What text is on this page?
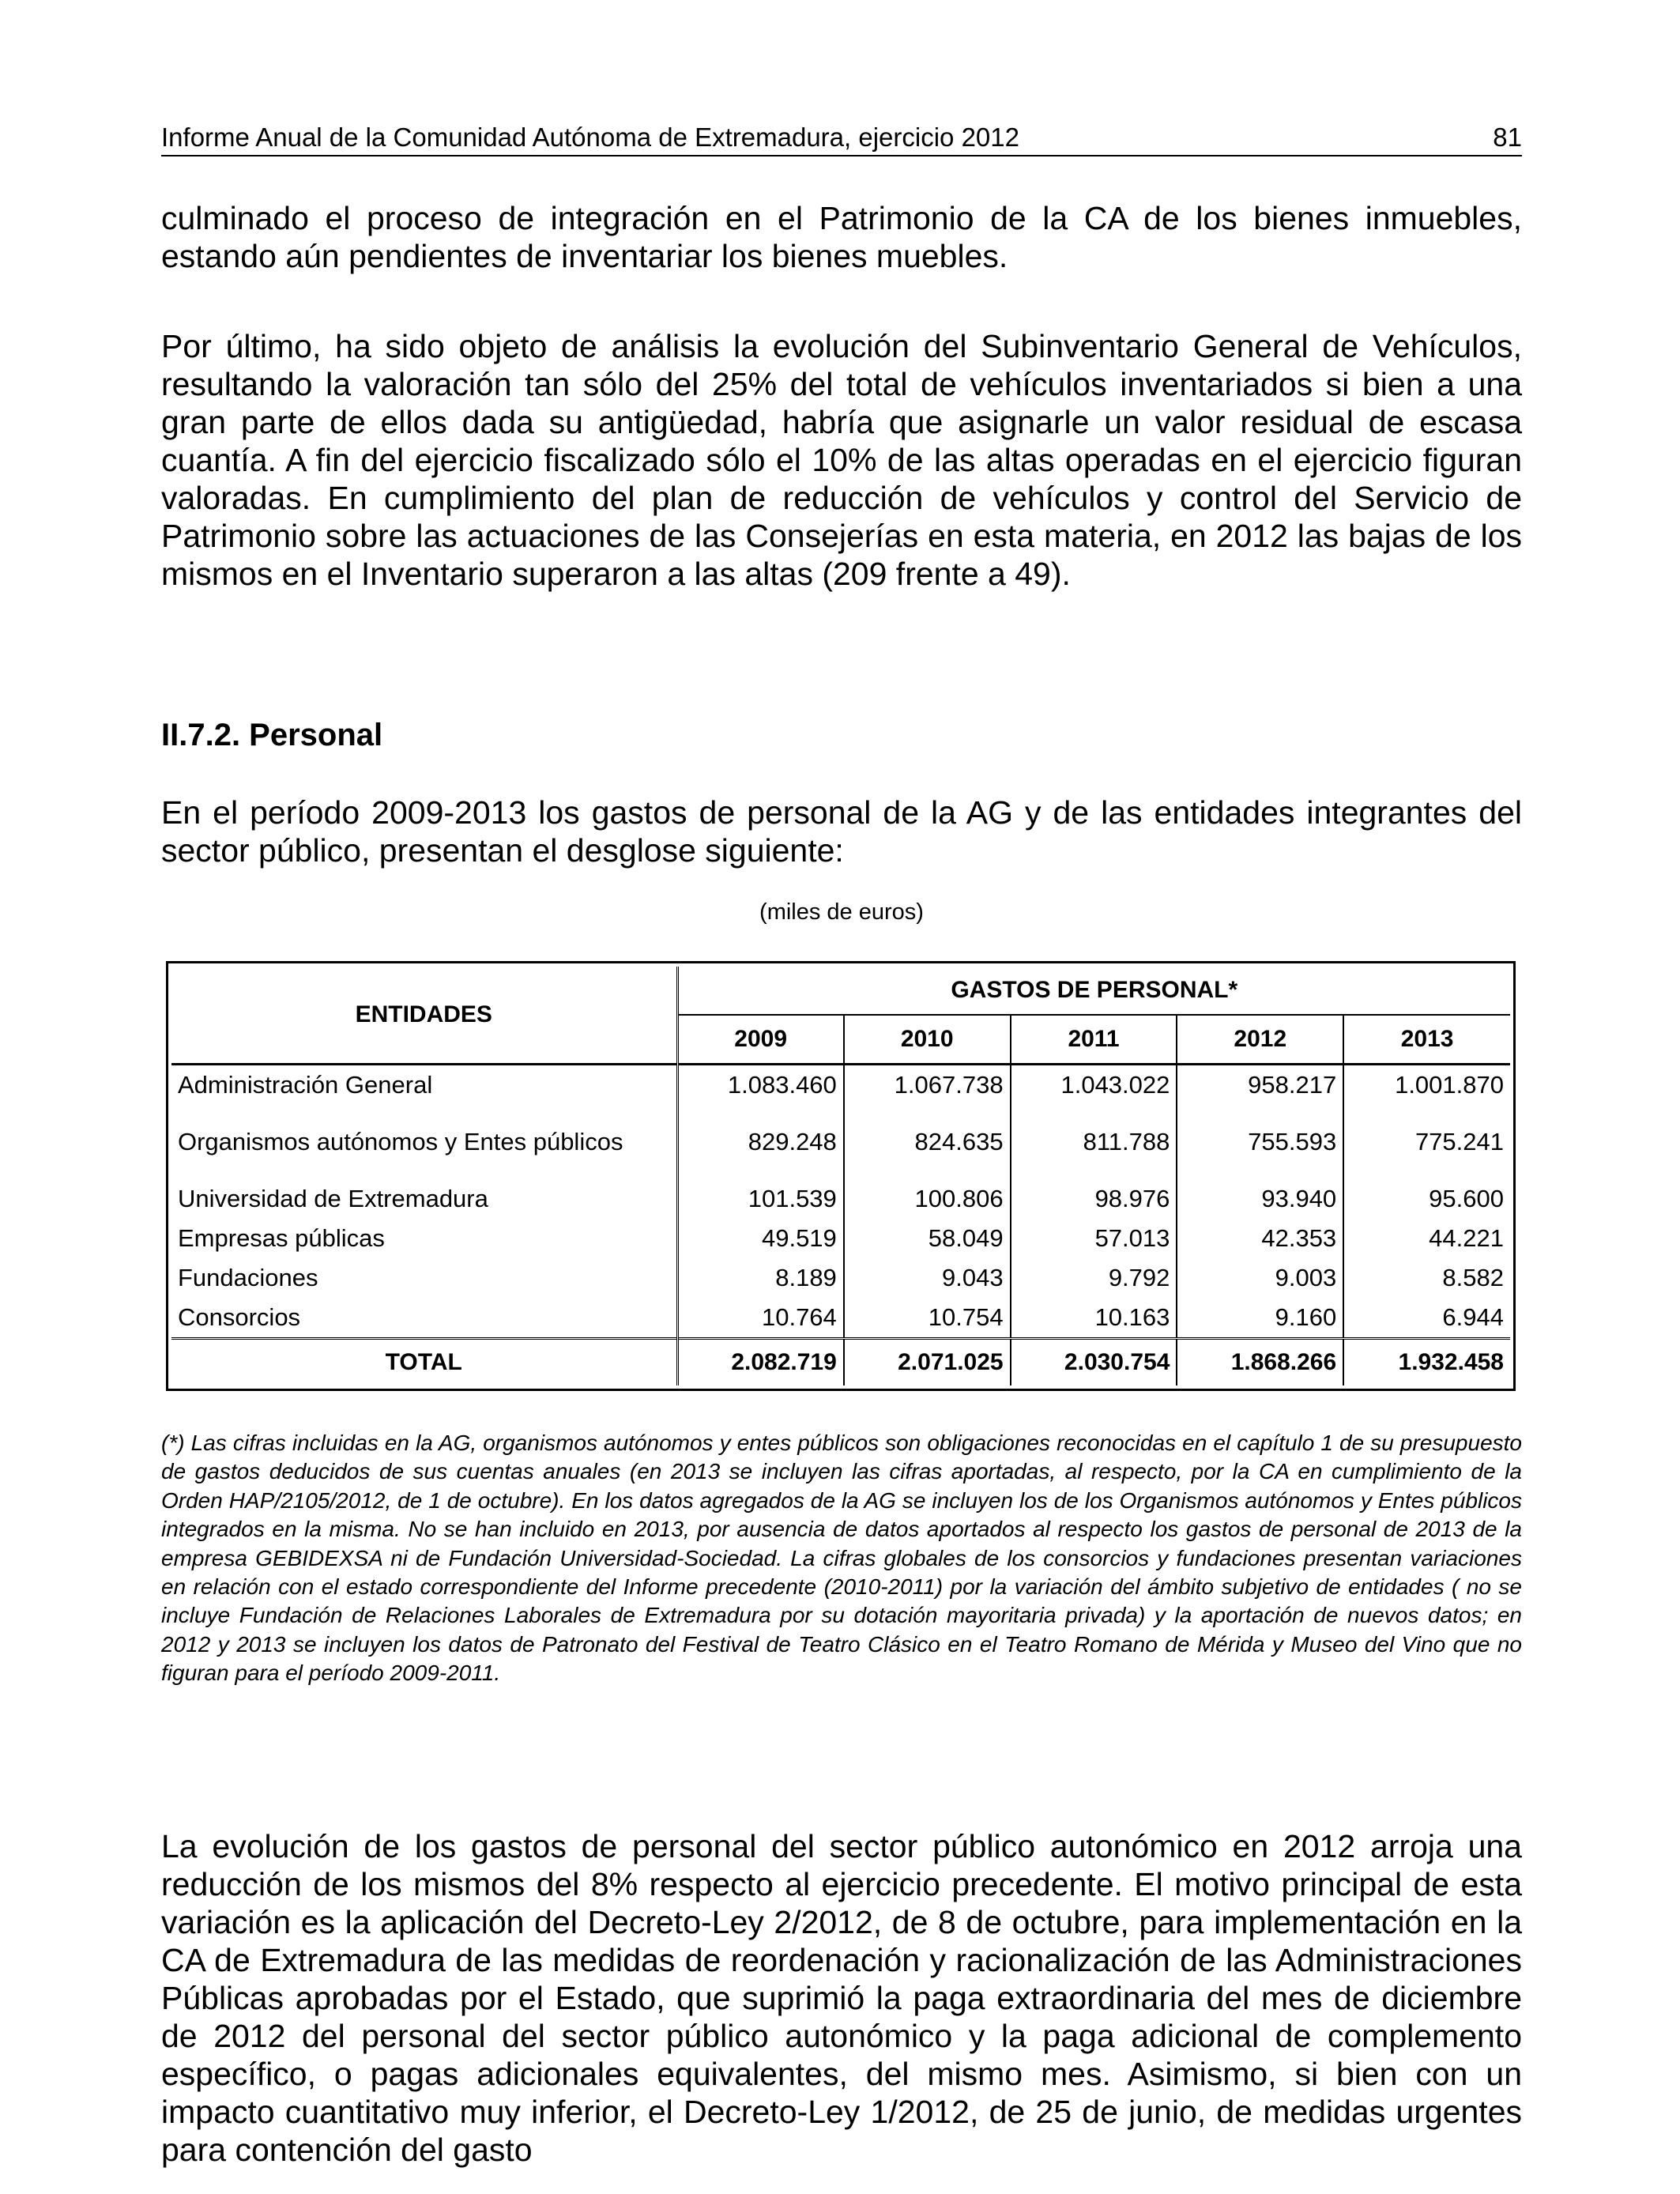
Informe Anual de la Comunidad Autónoma de Extremadura, ejercicio 2012	81

culminado el proceso de integración en el Patrimonio de la CA de los bienes inmuebles, estando aún pendientes de inventariar los bienes muebles.

Por último, ha sido objeto de análisis la evolución del Subinventario General de Vehículos, resultando la valoración tan sólo del 25% del total de vehículos inventariados si bien a una gran parte de ellos dada su antigüedad, habría que asignarle un valor residual de escasa cuantía. A fin del ejercicio fiscalizado sólo el 10% de las altas operadas en el ejercicio figuran valoradas. En cumplimiento del plan de reducción de vehículos y control del Servicio de Patrimonio sobre las actuaciones de las Consejerías en esta materia, en 2012 las bajas de los mismos en el Inventario superaron a las altas (209 frente a 49).

II.7.2. Personal

En el período 2009-2013 los gastos de personal de la AG y de las entidades integrantes del sector público, presentan el desglose siguiente:

(miles de euros)
ENTIDADES	GASTOS DE PERSONAL*				
	2009	2010	2011	2012	2013
Administración General	1.083.460	1.067.738	1.043.022	958.217	1.001.870

Organismos autónomos y Entes públicos	829.248	824.635	811.788	755.593	775.241

Universidad de Extremadura	101.539	100.806	98.976	93.940	95.600
Empresas públicas	49.519	58.049	57.013	42.353	44.221
Fundaciones	8.189	9.043	9.792	9.003	8.582
Consorcios	10.764	10.754	10.163	9.160	6.944
TOTAL	2.082.719	2.071.025	2.030.754	1.868.266	1.932.458

(*) Las cifras incluidas en la AG, organismos autónomos y entes públicos son obligaciones reconocidas en el capítulo 1 de su presupuesto de gastos deducidos de sus cuentas anuales (en 2013 se incluyen las cifras aportadas, al respecto, por la CA en cumplimiento de la Orden HAP/2105/2012, de 1 de octubre). En los datos agregados de la AG se incluyen los de los Organismos autónomos y Entes públicos integrados en la misma. No se han incluido en 2013, por ausencia de datos aportados al respecto los gastos de personal de 2013 de la empresa GEBIDEXSA ni de Fundación Universidad-Sociedad. La cifras globales de los consorcios y fundaciones presentan variaciones en relación con el estado correspondiente del Informe precedente (2010-2011) por la variación del ámbito subjetivo de entidades ( no se incluye Fundación de Relaciones Laborales de Extremadura por su dotación mayoritaria privada) y la aportación de nuevos datos; en 2012 y 2013 se incluyen los datos de Patronato del Festival de Teatro Clásico en el Teatro Romano de Mérida y Museo del Vino que no figuran para el período 2009-2011.

La evolución de los gastos de personal del sector público autonómico en 2012 arroja una reducción de los mismos del 8% respecto al ejercicio precedente. El motivo principal de esta variación es la aplicación del Decreto-Ley 2/2012, de 8 de octubre, para implementación en la CA de Extremadura de las medidas de reordenación y racionalización de las Administraciones Públicas aprobadas por el Estado, que suprimió la paga extraordinaria del mes de diciembre de 2012 del personal del sector público autonómico y la paga adicional de complemento específico, o pagas adicionales equivalentes, del mismo mes. Asimismo, si bien con un impacto cuantitativo muy inferior, el Decreto-Ley 1/2012, de 25 de junio, de medidas urgentes para contención del gasto
